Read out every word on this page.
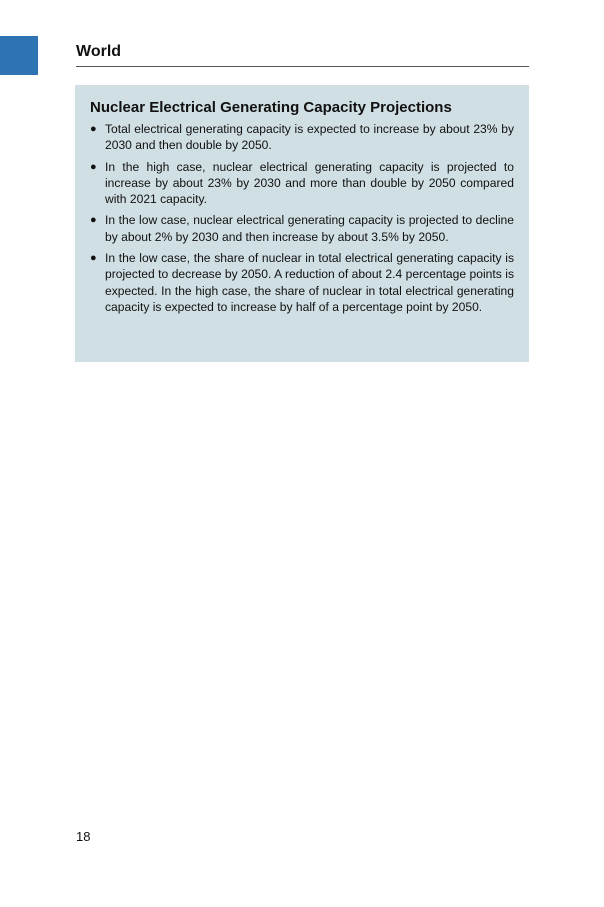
World
Nuclear Electrical Generating Capacity Projections
● Total electrical generating capacity is expected to increase by about 23% by 2030 and then double by 2050.
● In the high case, nuclear electrical generating capacity is projected to increase by about 23% by 2030 and more than double by 2050 compared with 2021 capacity.
● In the low case, nuclear electrical generating capacity is projected to decline by about 2% by 2030 and then increase by about 3.5% by 2050.
● In the low case, the share of nuclear in total electrical generating capacity is projected to decrease by 2050. A reduction of about 2.4 percentage points is expected. In the high case, the share of nuclear in total electrical generating capacity is expected to increase by half of a percentage point by 2050.
18
